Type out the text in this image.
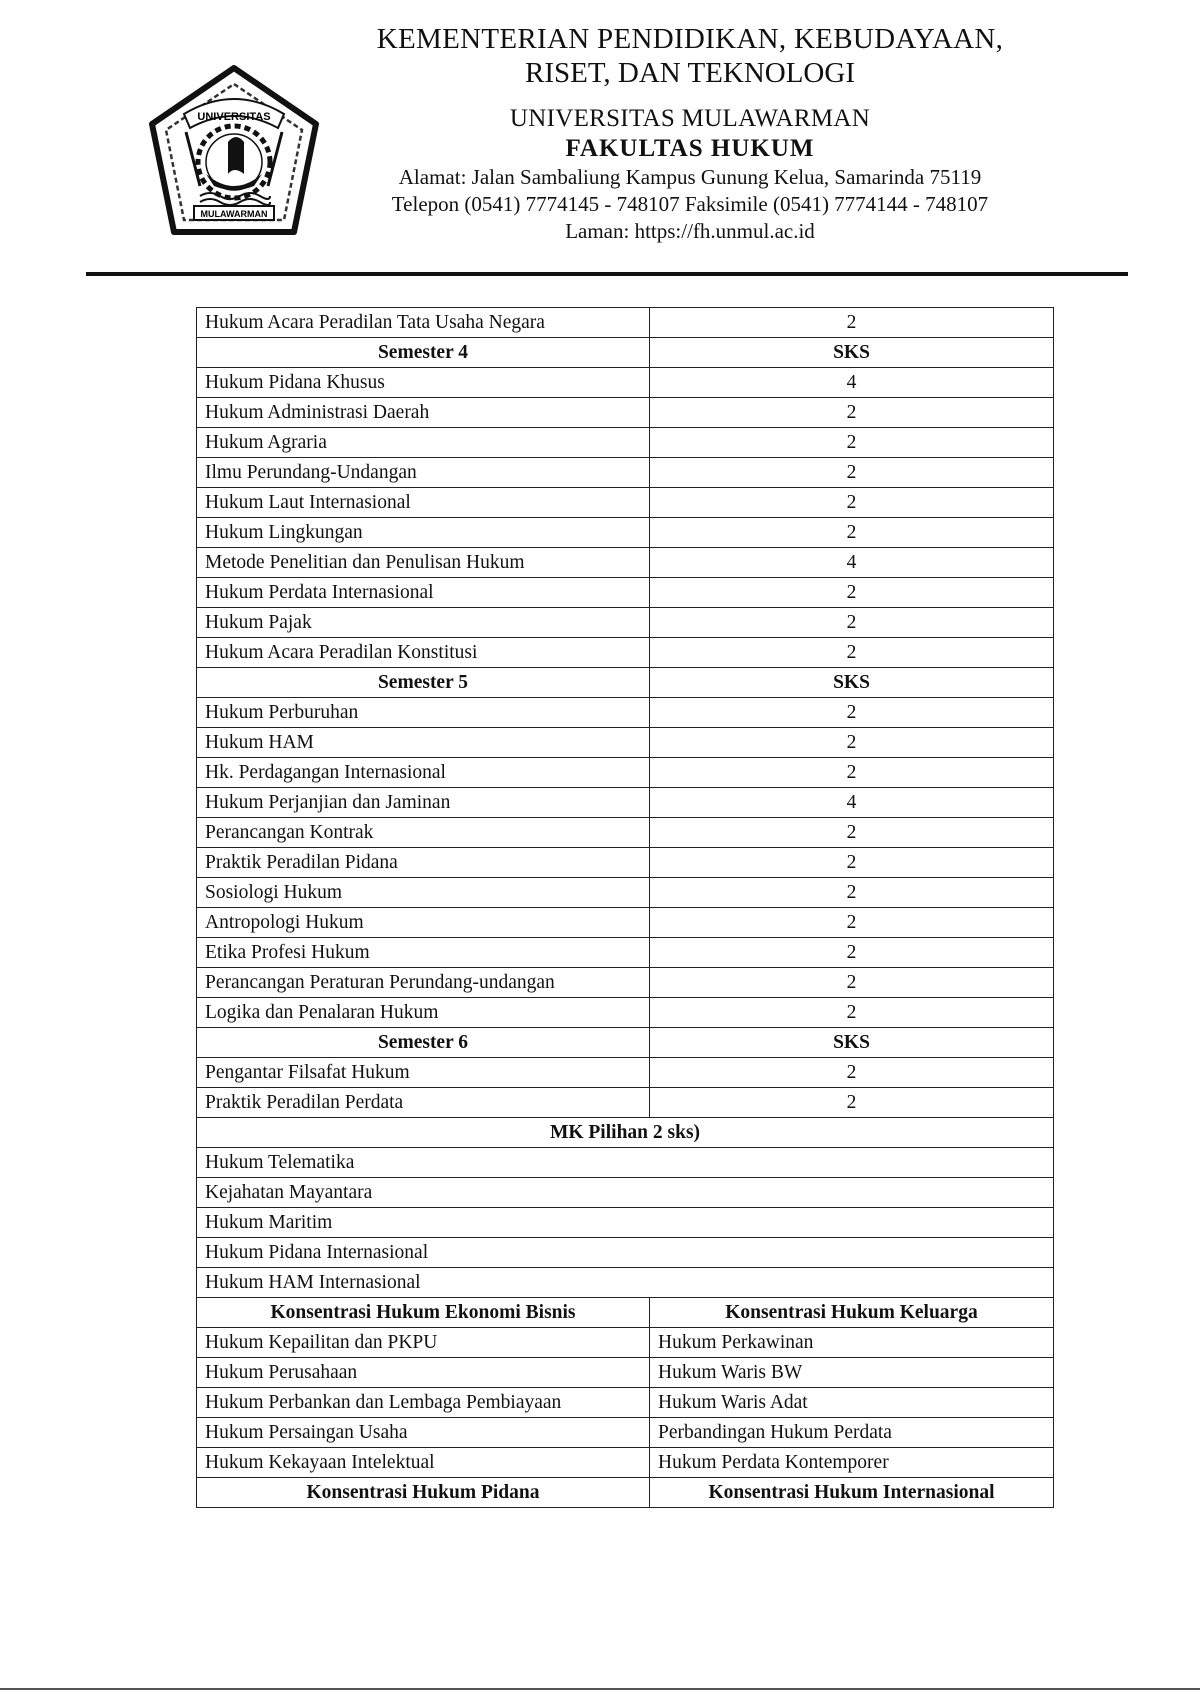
UNIVERSITAS
MULAWARMAN
KEMENTERIAN PENDIDIKAN, KEBUDAYAAN,
RISET, DAN TEKNOLOGI
UNIVERSITAS MULAWARMAN
FAKULTAS HUKUM
Alamat: Jalan Sambaliung Kampus Gunung Kelua, Samarinda 75119
Telepon (0541) 7774145 - 748107 Faksimile (0541) 7774144 - 748107
Laman: https://fh.unmul.ac.id
Hukum Acara Peradilan Tata Usaha Negara	2
Semester 4	SKS
Hukum Pidana Khusus	4
Hukum Administrasi Daerah	2
Hukum Agraria	2
Ilmu Perundang-Undangan	2
Hukum Laut Internasional	2
Hukum Lingkungan	2
Metode Penelitian dan Penulisan Hukum	4
Hukum Perdata Internasional	2
Hukum Pajak	2
Hukum Acara Peradilan Konstitusi	2
Semester 5	SKS
Hukum Perburuhan	2
Hukum HAM	2
Hk. Perdagangan Internasional	2
Hukum Perjanjian dan Jaminan	4
Perancangan Kontrak	2
Praktik Peradilan Pidana	2
Sosiologi Hukum	2
Antropologi Hukum	2
Etika Profesi Hukum	2
Perancangan Peraturan Perundang-undangan	2
Logika dan Penalaran Hukum	2
Semester 6	SKS
Pengantar Filsafat Hukum	2
Praktik Peradilan Perdata	2
MK Pilihan 2 sks)	
Hukum Telematika	
Kejahatan Mayantara	
Hukum Maritim	
Hukum Pidana Internasional	
Hukum HAM Internasional	
Konsentrasi Hukum Ekonomi Bisnis	Konsentrasi Hukum Keluarga
Hukum Kepailitan dan PKPU	Hukum Perkawinan
Hukum Perusahaan	Hukum Waris BW
Hukum Perbankan dan Lembaga Pembiayaan	Hukum Waris Adat
Hukum Persaingan Usaha	Perbandingan Hukum Perdata
Hukum Kekayaan Intelektual	Hukum Perdata Kontemporer
Konsentrasi Hukum Pidana	Konsentrasi Hukum Internasional
